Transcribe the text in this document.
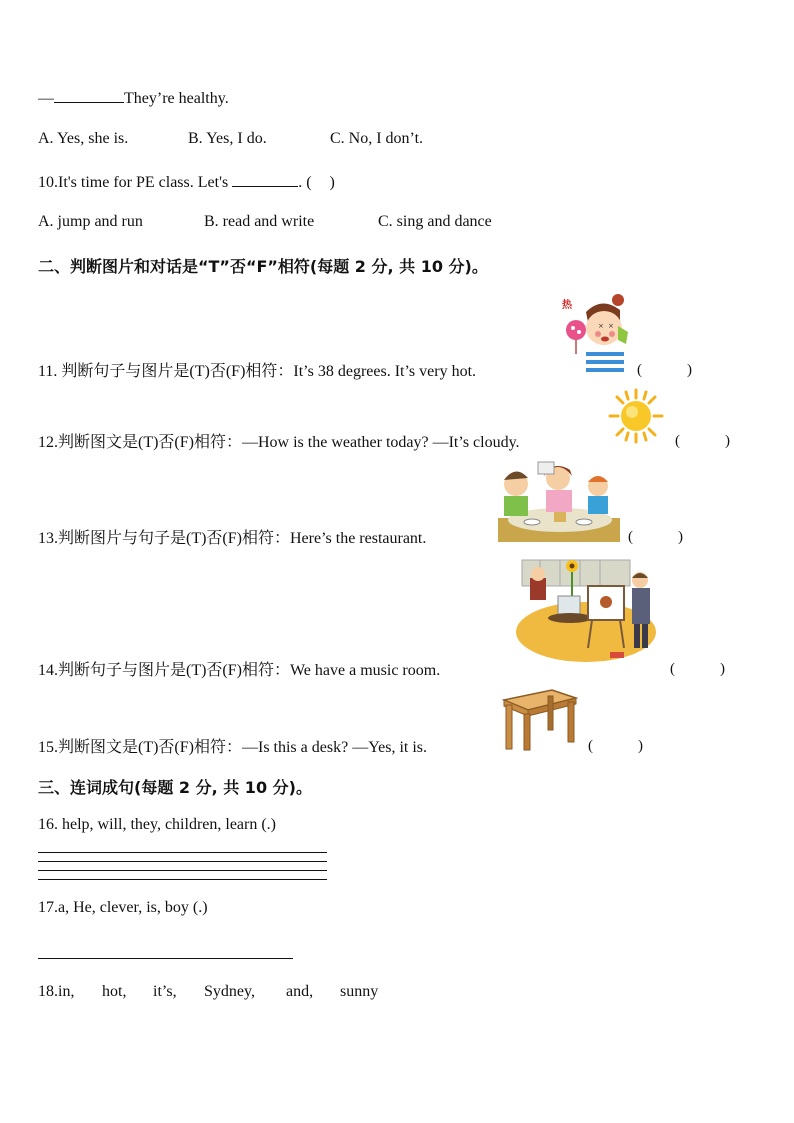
—	They’re healthy.
A. Yes, she is.	B. Yes, I do.	C. No, I don’t.
10.It's time for PE class. Let's	. ( )
A. jump and run	B. read and write	C. sing and dance
二、判断图片和对话是“T”否“F”相符(每题 2 分, 共 10 分)。
× ×
热
11. 判断句子与图片是(T)否(F)相符：It’s 38 degrees. It’s very hot.	(　　　)
12.判断图文是(T)否(F)相符：—How is the weather today? —It’s cloudy.	(　　　)
13.判断图片与句子是(T)否(F)相符：Here’s the restaurant.	(　　　)
14.判断句子与图片是(T)否(F)相符：We have a music room.	(　　　)
15.判断图文是(T)否(F)相符：—Is this a desk? —Yes, it is.	(　　　)
三、连词成句(每题 2 分, 共 10 分)。
16. help, will, they, children, learn (.)
17.a, He, clever, is, boy (.)
18.in, hot, it’s, Sydney, and, sunny
